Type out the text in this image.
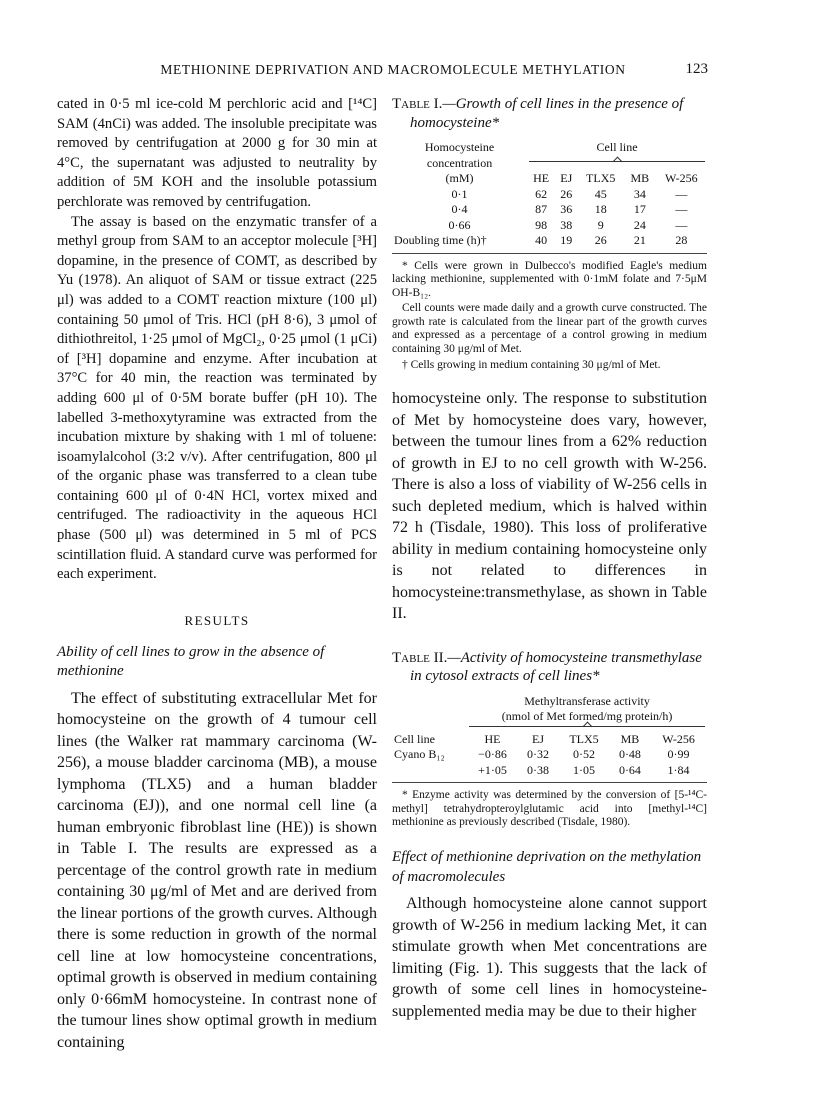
METHIONINE DEPRIVATION AND MACROMOLECULE METHYLATION	123

cated in 0·5 ml ice-cold M perchloric acid and [¹⁴C] SAM (4nCi) was added. The insoluble precipitate was removed by centrifugation at 2000 g for 30 min at 4°C, the supernatant was adjusted to neutrality by addition of 5M KOH and the insoluble potassium perchlorate was removed by centrifugation.

The assay is based on the enzymatic transfer of a methyl group from SAM to an acceptor molecule [³H] dopamine, in the presence of COMT, as described by Yu (1978). An aliquot of SAM or tissue extract (225 μl) was added to a COMT reaction mixture (100 μl) containing 50 μmol of Tris. HCl (pH 8·6), 3 μmol of dithiothreitol, 1·25 μmol of MgCl₂, 0·25 μmol (1 μCi) of [³H] dopamine and enzyme. After incubation at 37°C for 40 min, the reaction was terminated by adding 600 μl of 0·5M borate buffer (pH 10). The labelled 3-methoxytyramine was extracted from the incubation mixture by shaking with 1 ml of toluene: isoamylalcohol (3:2 v/v). After centrifugation, 800 μl of the organic phase was transferred to a clean tube containing 600 μl of 0·4N HCl, vortex mixed and centrifuged. The radioactivity in the aqueous HCl phase (500 μl) was determined in 5 ml of PCS scintillation fluid. A standard curve was performed for each experiment.

RESULTS

Ability of cell lines to grow in the absence of methionine

The effect of substituting extracellular Met for homocysteine on the growth of 4 tumour cell lines (the Walker rat mammary carcinoma (W-256), a mouse bladder carcinoma (MB), a mouse lymphoma (TLX5) and a human bladder carcinoma (EJ)), and one normal cell line (a human embryonic fibroblast line (HE)) is shown in Table I. The results are expressed as a percentage of the control growth rate in medium containing 30 μg/ml of Met and are derived from the linear portions of the growth curves. Although there is some reduction in growth of the normal cell line at low homocysteine concentrations, optimal growth is observed in medium containing only 0·66mM homocysteine. In contrast none of the tumour lines show optimal growth in medium containing

Table I.—Growth of cell lines in the presence of homocysteine*

Homocysteine	Cell line				
concentration					

(mM)	HE	EJ	TLX5	MB	W-256
0·1	62	26	45	34	—
0·4	87	36	18	17	—
0·66	98	38	9	24	—
Doubling time (h)†	40	19	26	21	28

* Cells were grown in Dulbecco's modified Eagle's medium lacking methionine, supplemented with 0·1mM folate and 7·5μM OH-B₁₂.

Cell counts were made daily and a growth curve constructed. The growth rate is calculated from the linear part of the growth curves and expressed as a percentage of a control growing in medium containing 30 μg/ml of Met.

† Cells growing in medium containing 30 μg/ml of Met.

homocysteine only. The response to substitution of Met by homocysteine does vary, however, between the tumour lines from a 62% reduction of growth in EJ to no cell growth with W-256. There is also a loss of viability of W-256 cells in such depleted medium, which is halved within 72 h (Tisdale, 1980). This loss of proliferative ability in medium containing homocysteine only is not related to differences in homocysteine:transmethylase, as shown in Table II.

Table II.—Activity of homocysteine transmethylase in cytosol extracts of cell lines*

	Methyltransferase activity				
	(nmol of Met formed/mg protein/h)				

Cell line	HE	EJ	TLX5	MB	W-256
Cyano B₁₂	−0·86	0·32	0·52	0·48	0·99
	+1·05	0·38	1·05	0·64	1·84

* Enzyme activity was determined by the conversion of [5-¹⁴C-methyl] tetrahydropteroylglutamic acid into [methyl-¹⁴C] methionine as previously described (Tisdale, 1980).

Effect of methionine deprivation on the methylation of macromolecules

Although homocysteine alone cannot support growth of W-256 in medium lacking Met, it can stimulate growth when Met concentrations are limiting (Fig. 1). This suggests that the lack of growth of some cell lines in homocysteine-supplemented media may be due to their higher
